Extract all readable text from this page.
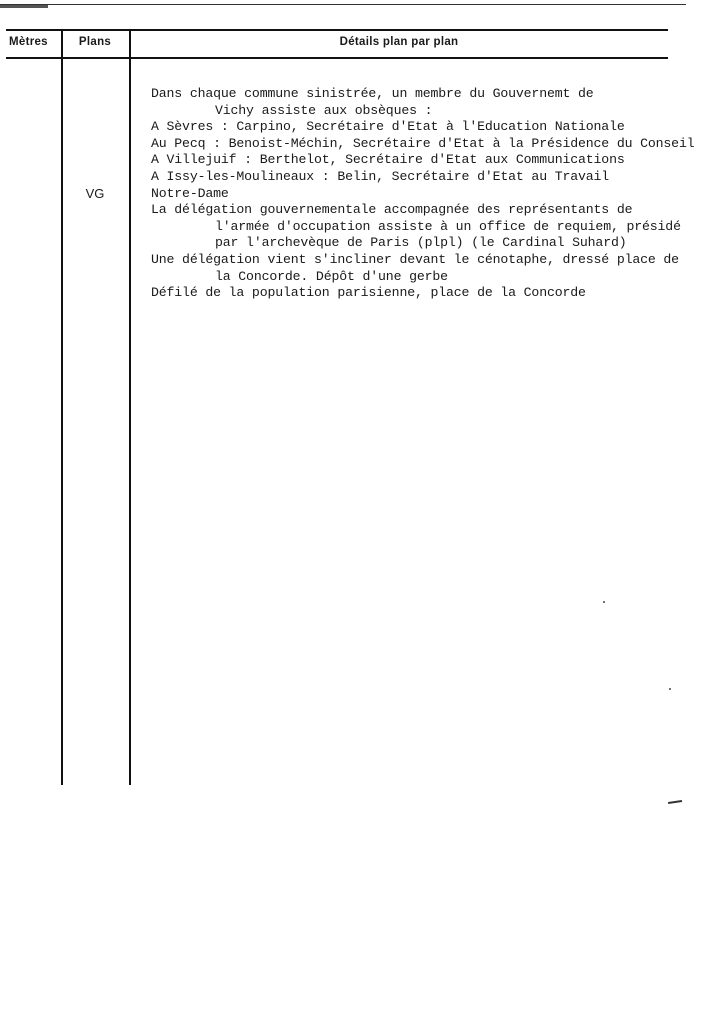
Mètres	Plans	Détails plan par plan
VG
Dans chaque commune sinistrée, un membre du Gouvernemt de
Vichy assiste aux obsèques :
A Sèvres : Carpino, Secrétaire d'Etat à l'Education Nationale
Au Pecq : Benoist-Méchin, Secrétaire d'Etat à la Présidence du Conseil
A Villejuif : Berthelot, Secrétaire d'Etat aux Communications
A Issy-les-Moulineaux : Belin, Secrétaire d'Etat au Travail
Notre-Dame
La délégation gouvernementale accompagnée des représentants de
l'armée d'occupation assiste à un office de requiem, présidé
par l'archevèque de Paris (plpl) (le Cardinal Suhard)
Une délégation vient s'incliner devant le cénotaphe, dressé place de
la Concorde. Dépôt d'une gerbe
Défilé de la population parisienne, place de la Concorde
